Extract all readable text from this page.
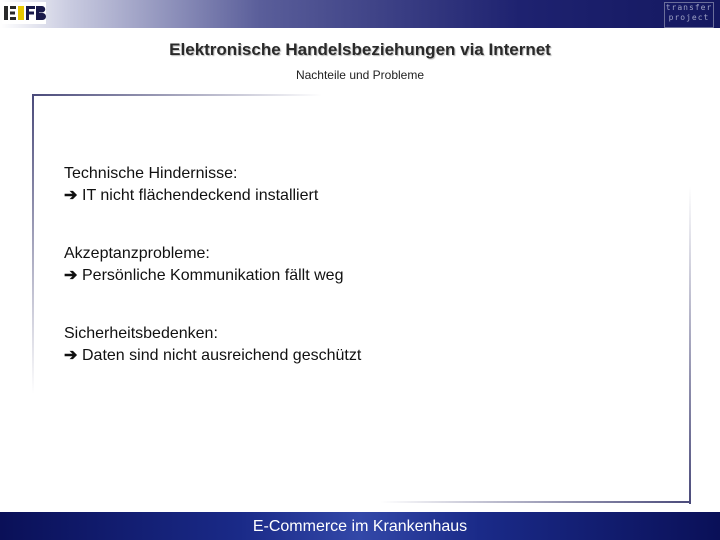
transfer
project
Elektronische Handelsbeziehungen via Internet
Nachteile und Probleme
Technische Hindernisse:
➔ IT nicht flächendeckend installiert
Akzeptanzprobleme:
➔ Persönliche Kommunikation fällt weg
Sicherheitsbedenken:
➔ Daten sind nicht ausreichend geschützt
E-Commerce im Krankenhaus
